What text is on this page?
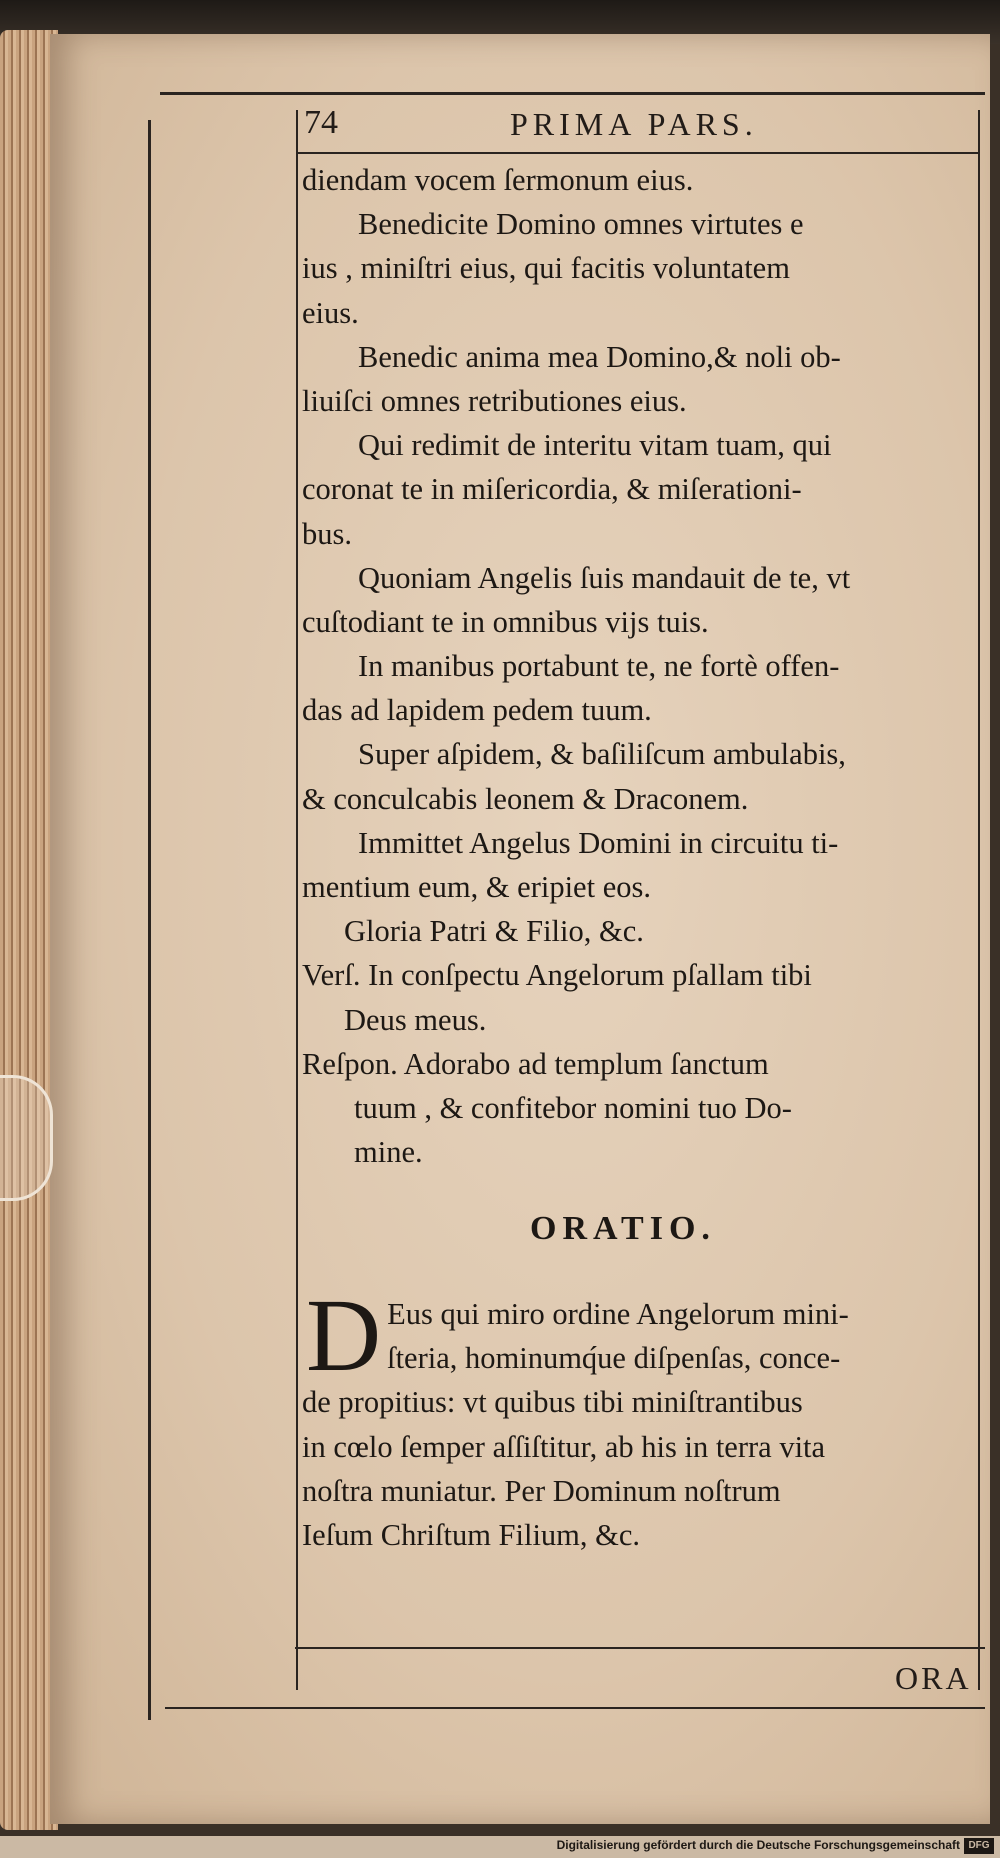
74	PRIMA PARS.
diendam vocem ſermonum eius.
Benedicite Domino omnes virtutes e
ius , miniſtri eius, qui facitis voluntatem
eius.
Benedic anima mea Domino,& noli ob-
liuiſci omnes retributiones eius.
Qui redimit de interitu vitam tuam, qui
coronat te in miſericordia, & miſerationi-
bus.
Quoniam Angelis ſuis mandauit de te, vt
cuſtodiant te in omnibus vijs tuis.
In manibus portabunt te, ne fortè offen-
das ad lapidem pedem tuum.
Super aſpidem, & baſiliſcum ambulabis,
& conculcabis leonem & Draconem.
Immittet Angelus Domini in circuitu ti-
mentium eum, & eripiet eos.
Gloria Patri & Filio, &c.
Verſ. In conſpectu Angelorum pſallam tibi
Deus meus.
Reſpon. Adorabo ad templum ſanctum
tuum , & confitebor nomini tuo Do-
mine.
ORATIO.
D Eus qui miro ordine Angelorum mini-
ſteria, hominumq́ue diſpenſas, conce-
de propitius: vt quibus tibi miniſtrantibus
in cœlo ſemper aſſiſtitur, ab his in terra vita
noſtra muniatur. Per Dominum noſtrum
Ieſum Chriſtum Filium, &c.
ORA
Digitalisierung gefördert durch die Deutsche Forschungsgemeinschaft DFG
